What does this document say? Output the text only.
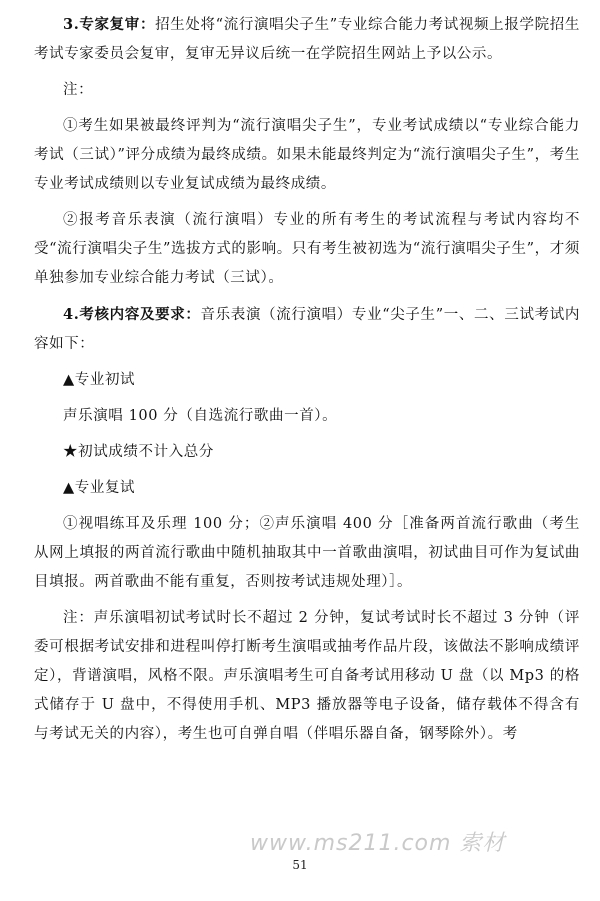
3.专家复审：招生处将“流行演唱尖子生”专业综合能力考试视频上报学院招生考试专家委员会复审，复审无异议后统一在学院招生网站上予以公示。

注：

①考生如果被最终评判为“流行演唱尖子生”，专业考试成绩以“专业综合能力考试（三试）”评分成绩为最终成绩。如果未能最终判定为“流行演唱尖子生”，考生专业考试成绩则以专业复试成绩为最终成绩。

②报考音乐表演（流行演唱）专业的所有考生的考试流程与考试内容均不受“流行演唱尖子生”选拔方式的影响。只有考生被初选为“流行演唱尖子生”，才须单独参加专业综合能力考试（三试）。

4.考核内容及要求：音乐表演（流行演唱）专业“尖子生”一、二、三试考试内容如下：

▲专业初试

声乐演唱 100 分（自选流行歌曲一首）。

★初试成绩不计入总分

▲专业复试

①视唱练耳及乐理 100 分；②声乐演唱 400 分［准备两首流行歌曲（考生从网上填报的两首流行歌曲中随机抽取其中一首歌曲演唱，初试曲目可作为复试曲目填报。两首歌曲不能有重复，否则按考试违规处理）］。

注：声乐演唱初试考试时长不超过 2 分钟，复试考试时长不超过 3 分钟（评委可根据考试安排和进程叫停打断考生演唱或抽考作品片段，该做法不影响成绩评定），背谱演唱，风格不限。声乐演唱考生可自备考试用移动 U 盘（以 Mp3 的格式储存于 U 盘中，不得使用手机、MP3 播放器等电子设备，储存载体不得含有与考试无关的内容），考生也可自弹自唱（伴唱乐器自备，钢琴除外）。考

www.ms211.com 索材
51
